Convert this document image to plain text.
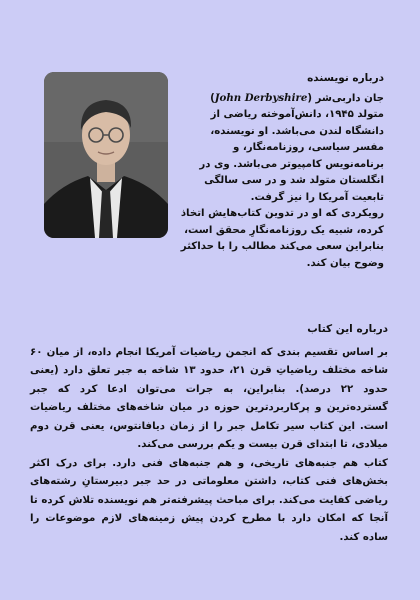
درباره نویسنده

جان داربی‌شر (John Derbyshire) متولد ۱۹۴۵، دانش‌آموخته ریاضی از دانشگاه لندن می‌باشد. او نویسنده، مفسر سیاسی، روزنامه‌نگار، و برنامه‌نویس کامپیوتر می‌باشد. وی در انگلستان متولد شد و در سی سالگی تابعیت آمریکا را نیز گرفت.

رویکردی که او در تدوین کتاب‌هایش اتخاذ کرده، شبیه یک روزنامه‌نگارِ محقق است، بنابراین سعی می‌کند مطالب را با حداکثر وضوح بیان کند.

درباره این کتاب

بر اساس تقسیم بندی که انجمن ریاضیات آمریکا انجام داده، از میان ۶۰ شاخه مختلف ریاضیاتِ قرن ۲۱، حدود ۱۳ شاخه به جبر تعلق دارد (یعنی حدود ۲۲ درصد). بنابراین، به جرات می‌توان ادعا کرد که جبر گسترده‌ترین و پرکاربردترین حوزه در میان شاخه‌های مختلف ریاضیات است. این کتاب سیر تکامل جبر را از زمان دیافانتوس، یعنی قرن دوم میلادی، تا ابتدای قرن بیست و یکم بررسی می‌کند.

کتاب هم جنبه‌های تاریخی، و هم جنبه‌های فنی دارد. برای درک اکثر بخش‌های فنی کتاب، داشتن معلوماتی در حد جبر دبیرستانِ رشته‌های ریاضی کفایت می‌کند. برای مباحث پیشرفته‌تر هم نویسنده تلاش کرده تا آنجا که امکان دارد با مطرح کردن پیش زمینه‌های لازم موضوعات را ساده کند.
